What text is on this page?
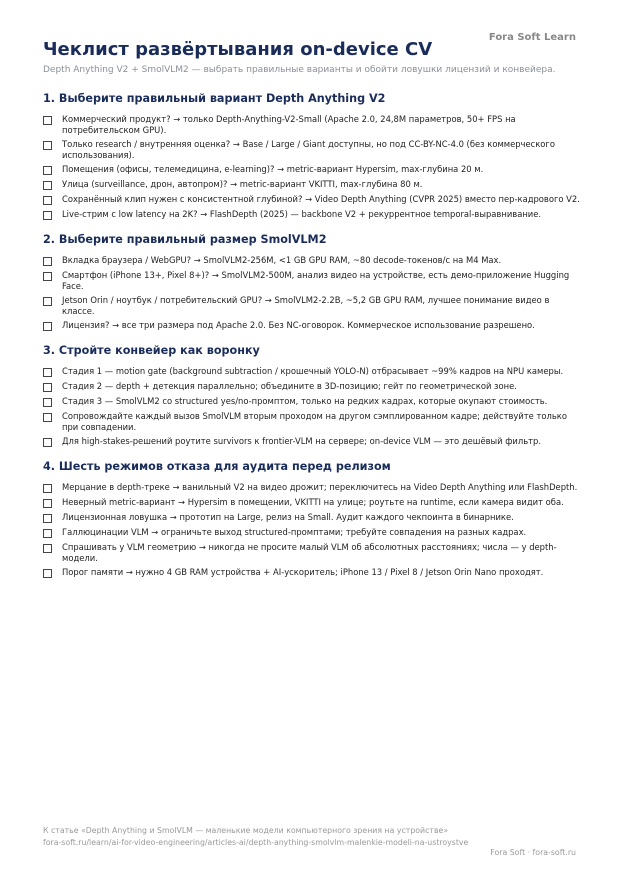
Fora Soft Learn
Чеклист развёртывания on-device CV

Depth Anything V2 + SmolVLM2 — выбрать правильные варианты и обойти ловушки лицензий и конвейера.

1. Выберите правильный вариант Depth Anything V2
Коммерческий продукт? → только Depth-Anything-V2-Small (Apache 2.0, 24,8M параметров, 50+ FPS на потребительском GPU).
Только research / внутренняя оценка? → Base / Large / Giant доступны, но под CC-BY-NC-4.0 (без коммерческого использования).
Помещения (офисы, телемедицина, e-learning)? → metric-вариант Hypersim, max-глубина 20 м.
Улица (surveillance, дрон, автопром)? → metric-вариант VKITTI, max-глубина 80 м.
Сохранённый клип нужен с консистентной глубиной? → Video Depth Anything (CVPR 2025) вместо пер-кадрового V2.
Live-стрим с low latency на 2K? → FlashDepth (2025) — backbone V2 + рекуррентное temporal-выравнивание.
2. Выберите правильный размер SmolVLM2
Вкладка браузера / WebGPU? → SmolVLM2-256M, <1 GB GPU RAM, ~80 decode-токенов/с на M4 Max.
Смартфон (iPhone 13+, Pixel 8+)? → SmolVLM2-500M, анализ видео на устройстве, есть демо-приложение Hugging Face.
Jetson Orin / ноутбук / потребительский GPU? → SmolVLM2-2.2B, ~5,2 GB GPU RAM, лучшее понимание видео в классе.
Лицензия? → все три размера под Apache 2.0. Без NC-оговорок. Коммерческое использование разрешено.
3. Стройте конвейер как воронку
Стадия 1 — motion gate (background subtraction / крошечный YOLO-N) отбрасывает ~99% кадров на NPU камеры.
Стадия 2 — depth + детекция параллельно; объедините в 3D-позицию; гейт по геометрической зоне.
Стадия 3 — SmolVLM2 со structured yes/no-промптом, только на редких кадрах, которые окупают стоимость.
Сопровождайте каждый вызов SmolVLM вторым проходом на другом сэмплированном кадре; действуйте только при совпадении.
Для high-stakes-решений роутите survivors к frontier-VLM на сервере; on-device VLM — это дешёвый фильтр.
4. Шесть режимов отказа для аудита перед релизом
Мерцание в depth-треке → ванильный V2 на видео дрожит; переключитесь на Video Depth Anything или FlashDepth.
Неверный metric-вариант → Hypersim в помещении, VKITTI на улице; роутьте на runtime, если камера видит оба.
Лицензионная ловушка → прототип на Large, релиз на Small. Аудит каждого чекпоинта в бинарнике.
Галлюцинации VLM → ограничьте выход structured-промптами; требуйте совпадения на разных кадрах.
Спрашивать у VLM геометрию → никогда не просите малый VLM об абсолютных расстояниях; числа — у depth-модели.
Порог памяти → нужно 4 GB RAM устройства + AI-ускоритель; iPhone 13 / Pixel 8 / Jetson Orin Nano проходят.
К статье «Depth Anything и SmolVLM — маленькие модели компьютерного зрения на устройстве»
fora-soft.ru/learn/ai-for-video-engineering/articles-ai/depth-anything-smolvlm-malenkie-modeli-na-ustroystve
Fora Soft · fora-soft.ru
